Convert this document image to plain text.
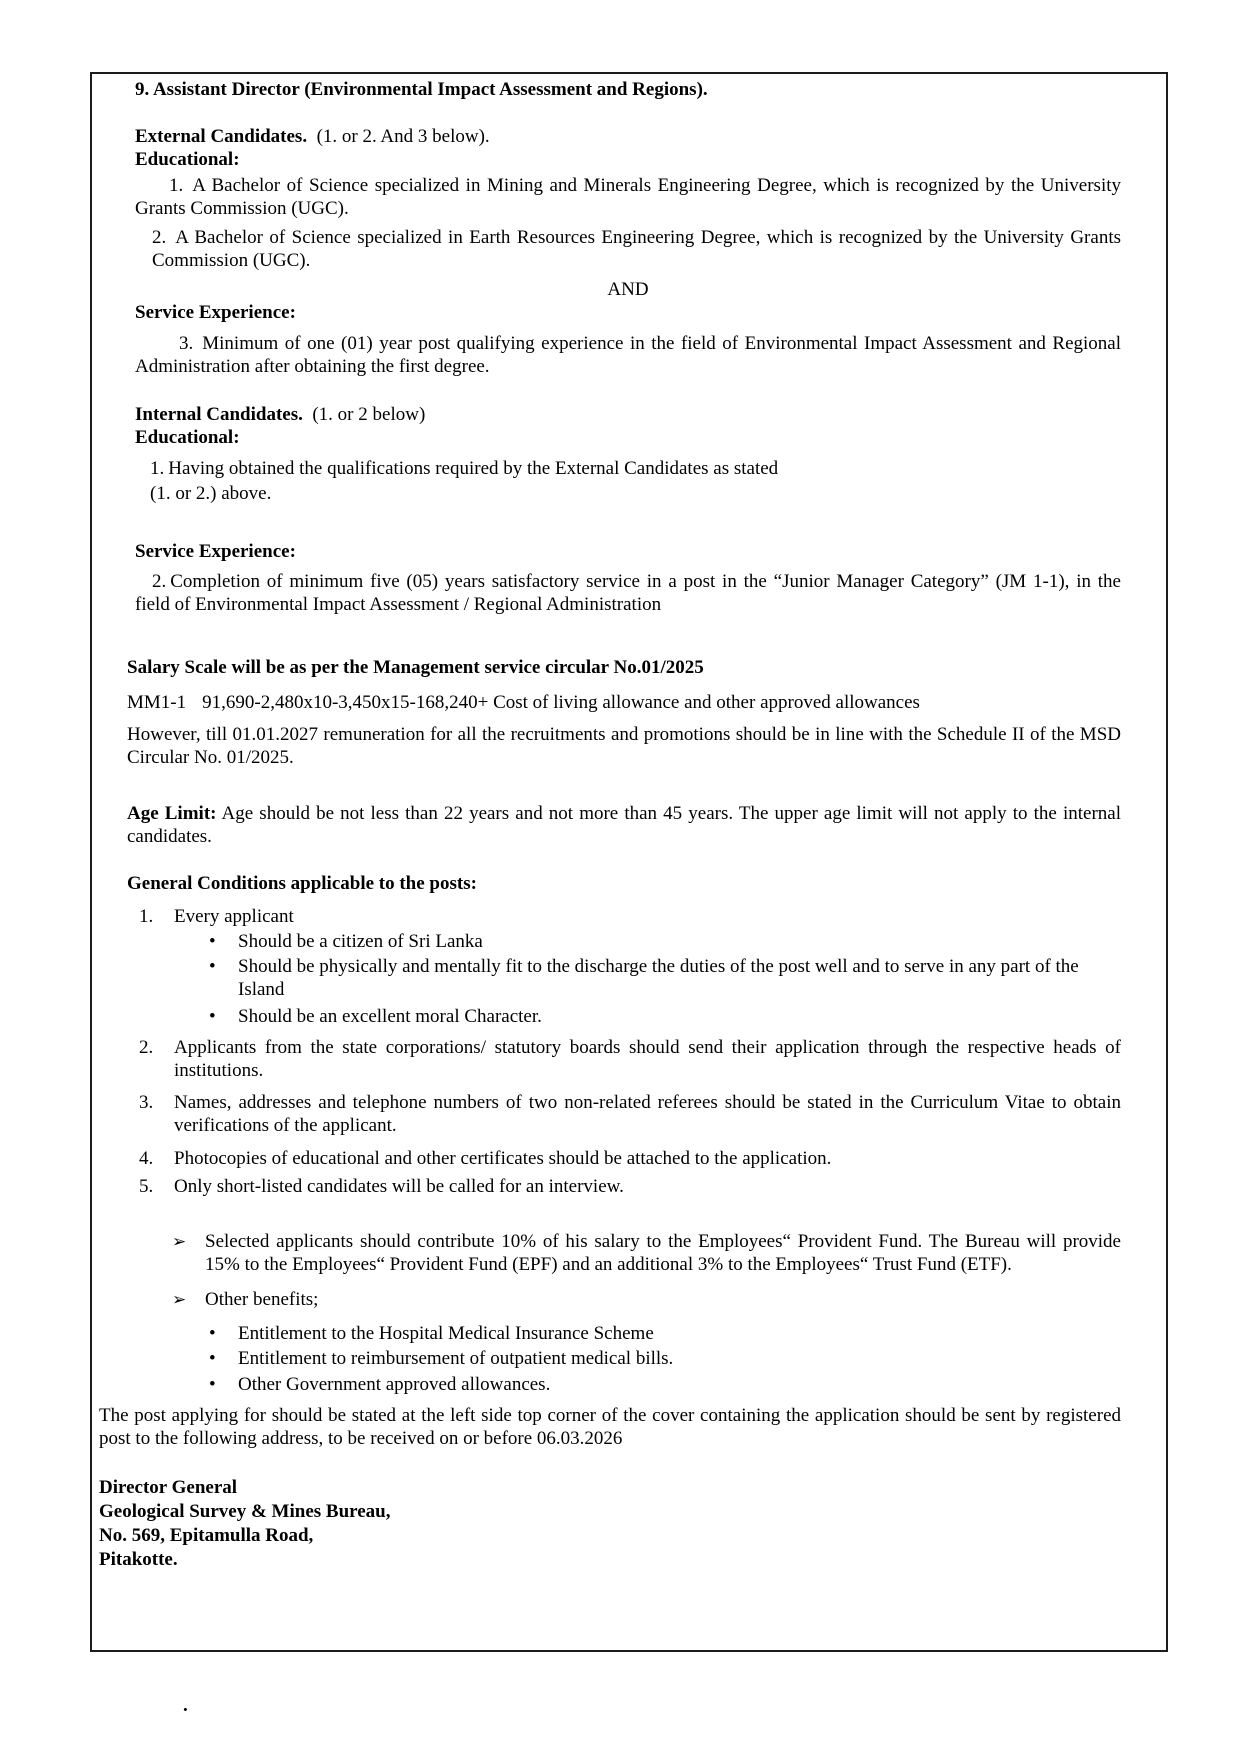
9. Assistant Director (Environmental Impact Assessment and Regions).

External Candidates. (1. or 2. And 3 below).

Educational:

1. A Bachelor of Science specialized in Mining and Minerals Engineering Degree, which is recognized by the University Grants Commission (UGC).

2. A Bachelor of Science specialized in Earth Resources Engineering Degree, which is recognized by the University Grants Commission (UGC).

AND

Service Experience:

3. Minimum of one (01) year post qualifying experience in the field of Environmental Impact Assessment and Regional Administration after obtaining the first degree.

Internal Candidates. (1. or 2 below)

Educational:

1. Having obtained the qualifications required by the External Candidates as stated

(1. or 2.) above.

Service Experience:

2. Completion of minimum five (05) years satisfactory service in a post in the “Junior Manager Category” (JM 1-1), in the field of Environmental Impact Assessment / Regional Administration

Salary Scale will be as per the Management service circular No.01/2025

MM1-1 91,690-2,480x10-3,450x15-168,240+ Cost of living allowance and other approved allowances

However, till 01.01.2027 remuneration for all the recruitments and promotions should be in line with the Schedule II of the MSD Circular No. 01/2025.

Age Limit: Age should be not less than 22 years and not more than 45 years. The upper age limit will not apply to the internal candidates.

General Conditions applicable to the posts:

1.	Every applicant
•	Should be a citizen of Sri Lanka
•	Should be physically and mentally fit to the discharge the duties of the post well and to serve in any part of the Island
•	Should be an excellent moral Character.
2.	Applicants from the state corporations/ statutory boards should send their application through the respective heads of institutions.
3.	Names, addresses and telephone numbers of two non-related referees should be stated in the Curriculum Vitae to obtain verifications of the applicant.
4.	Photocopies of educational and other certificates should be attached to the application.
5.	Only short-listed candidates will be called for an interview.
➢ Selected applicants should contribute 10% of his salary to the Employees“ Provident Fund. The Bureau will provide 15% to the Employees“ Provident Fund (EPF) and an additional 3% to the Employees“ Trust Fund (ETF).
➢ Other benefits;
•	Entitlement to the Hospital Medical Insurance Scheme
•	Entitlement to reimbursement of outpatient medical bills.
•	Other Government approved allowances.

The post applying for should be stated at the left side top corner of the cover containing the application should be sent by registered post to the following address, to be received on or before 06.03.2026

Director General

Geological Survey & Mines Bureau,

No. 569, Epitamulla Road,

Pitakotte.

.
